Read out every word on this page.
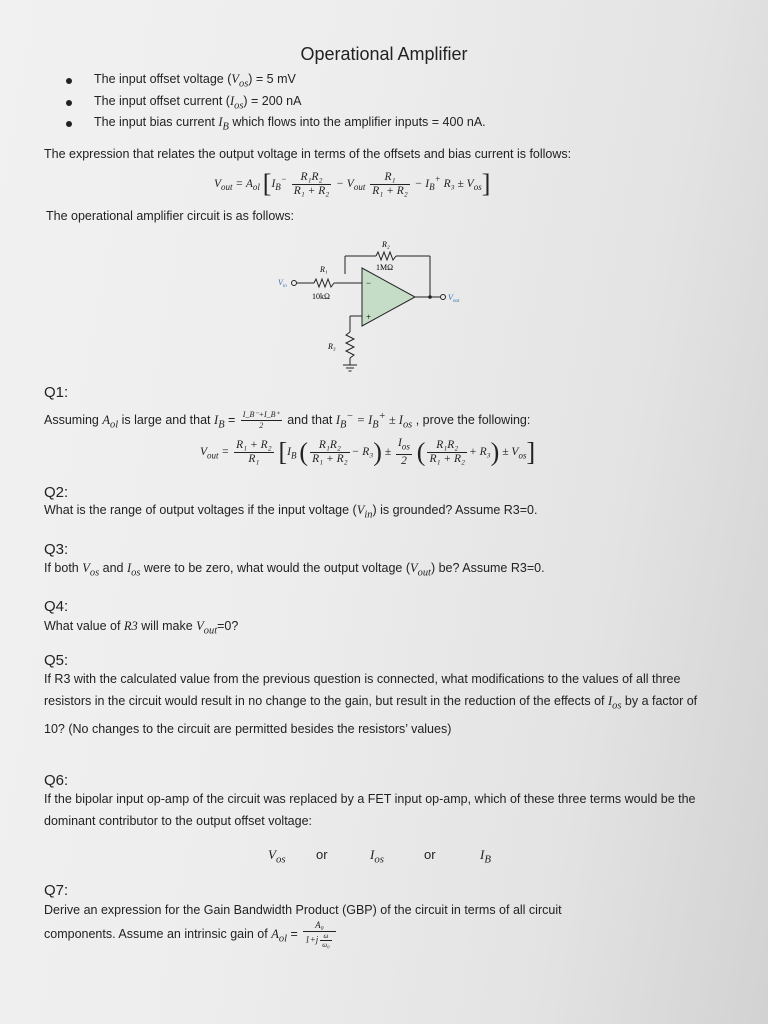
Operational Amplifier
The input offset voltage $(V_{os}) = 5$ mV
The input offset current $(I_{os}) = 200$ nA
The input bias current $I_B$ which flows into the amplifier inputs = 400 nA.
The expression that relates the output voltage in terms of the offsets and bias current is follows:
$V_{out} = A_{ol}$ [$I_B^- \frac{\text{R₁R₂}}{\text{R₁ + R₂}} - V_{out} \frac{\text{R₁}}{\text{R₁ + R₂}} - I_B^+$ $R_3 \pm V_{os}$]
The operational amplifier circuit is as follows:
−
+
R₂
1MΩ
R₁
10kΩ
R₃
$V_{in}$
$V_{out}$
Q1:
Assuming $A_{ol}$ is large and that $I_B = \frac{I\_B^-+I\_B^+}{2}$ and that $I_B^- = I_B^+ \pm I_{os}$ , prove the following:
$V_{out} = \frac{\text{R₁ + R₂}}{\text{R₁}} [I_B$ ( $\frac{\text{R₁R₂}}{\text{R₁ + R₂}} - R_3) \pm \frac{I_{os}}{2}$ ( $\frac{\text{R₁R₂}}{\text{R₁ + R₂}} + R_3) \pm V_{os}$]
Q2:
What is the range of output voltages if the input voltage $(V_{in})$ is grounded? Assume R3=0.
Q3:
If both $V_{os}$ and $I_{os}$ were to be zero, what would the output voltage $(V_{out})$ be? Assume R3=0.
Q4:
What value of R3 will make $V_{out}=0$?
Q5:
If R3 with the calculated value from the previous question is connected, what modifications to the values of all three resistors in the circuit would result in no change to the gain, but result in the reduction of the effects of $I_{os}$ by a factor of 10? (No changes to the circuit are permitted besides the resistors’ values)
Q6:
If the bipolar input op-amp of the circuit was replaced by a FET input op-amp, which of these three terms would be the dominant contributor to the output offset voltage:
$V_{os}$ or	$I_{os}$	or	$I_B$
Q7:
Derive an expression for the Gain Bandwidth Product (GBP) of the circuit in terms of all circuit
components. Assume an intrinsic gain of $A_{ol} = \frac{\text{A₀}}{1+j \frac{\omega}{\text{ω₀}}}$
